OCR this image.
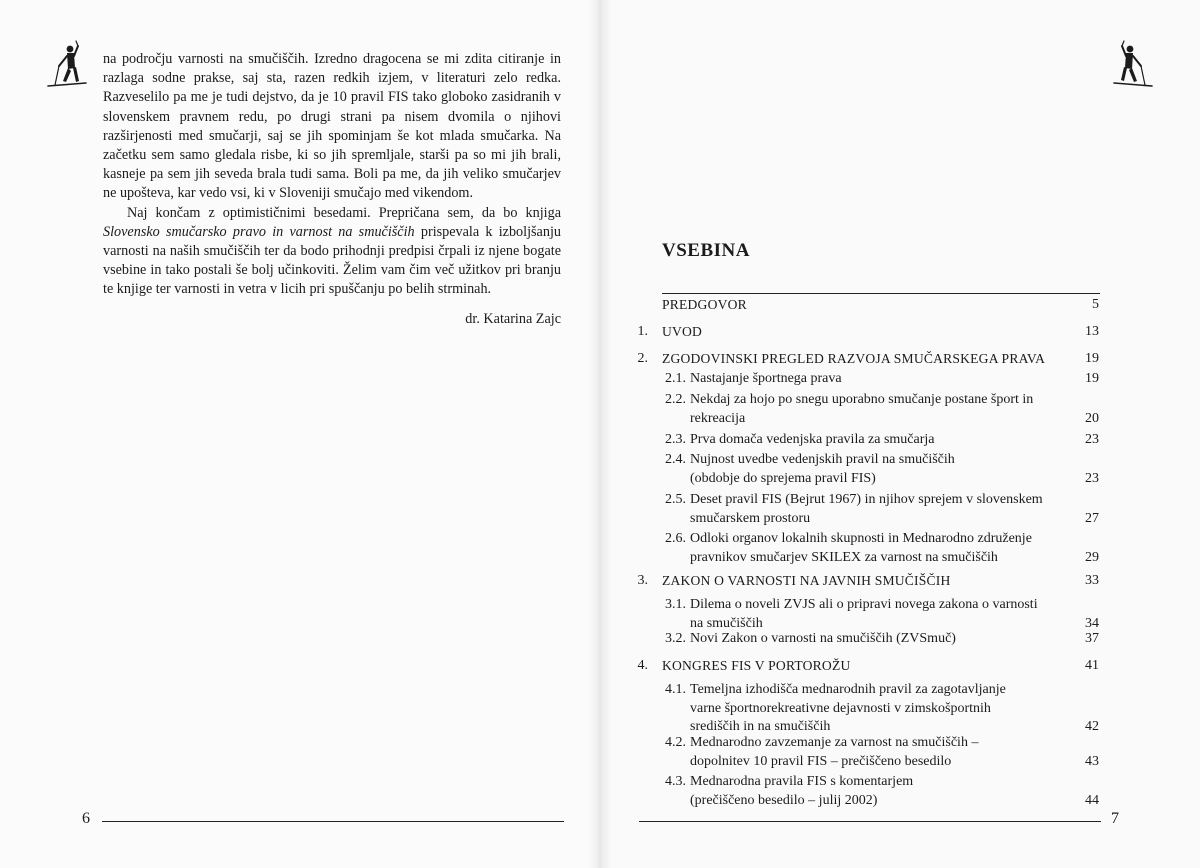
na področju varnosti na smučiščih. Izredno dragocena se mi zdita citiranje in razlaga sodne prakse, saj sta, razen redkih izjem, v literaturi zelo redka. Razveselilo pa me je tudi dejstvo, da je 10 pravil FIS tako globoko zasidranih v slovenskem pravnem redu, po drugi strani pa nisem dvomila o njihovi razširjenosti med smučarji, saj se jih spominjam še kot mlada smučarka. Na začetku sem samo gledala risbe, ki so jih spremljale, starši pa so mi jih brali, kasneje pa sem jih seveda brala tudi sama. Boli pa me, da jih veliko smučarjev ne upošteva, kar vedo vsi, ki v Sloveniji smučajo med vikendom.

Naj končam z optimističnimi besedami. Prepričana sem, da bo knjiga Slovensko smučarsko pravo in varnost na smučiščih prispevala k izboljšanju varnosti na naših smučiščih ter da bodo prihodnji predpisi črpali iz njene bogate vsebine in tako postali še bolj učinkoviti. Želim vam čim več užitkov pri branju te knjige ter varnosti in vetra v licih pri spuščanju po belih strminah.

dr. Katarina Zajc

6	7
VSEBINA
PREDGOVOR	5
1. UVOD	13
2. ZGODOVINSKI PREGLED RAZVOJA SMUČARSKEGA PRAVA	19
2.1. Nastajanje športnega prava	19
2.2. Nekdaj za hojo po snegu uporabno smučanje postane šport in
rekreacija	20
2.3. Prva domača vedenjska pravila za smučarja	23
2.4. Nujnost uvedbe vedenjskih pravil na smučiščih
(obdobje do sprejema pravil FIS)	23
2.5. Deset pravil FIS (Bejrut 1967) in njihov sprejem v slovenskem
smučarskem prostoru	27
2.6. Odloki organov lokalnih skupnosti in Mednarodno združenje
pravnikov smučarjev SKILEX za varnost na smučiščih	29
3. ZAKON O VARNOSTI NA JAVNIH SMUČIŠČIH	33
3.1. Dilema o noveli ZVJS ali o pripravi novega zakona o varnosti
na smučiščih	34
3.2. Novi Zakon o varnosti na smučiščih (ZVSmuč)	37
4. KONGRES FIS V PORTOROŽU	41
4.1. Temeljna izhodišča mednarodnih pravil za zagotavljanje
varne športnorekreativne dejavnosti v zimskošportnih
središčih in na smučiščih	42
4.2. Mednarodno zavzemanje za varnost na smučiščih –
dopolnitev 10 pravil FIS – prečiščeno besedilo	43
4.3. Mednarodna pravila FIS s komentarjem
(prečiščeno besedilo – julij 2002)	44
